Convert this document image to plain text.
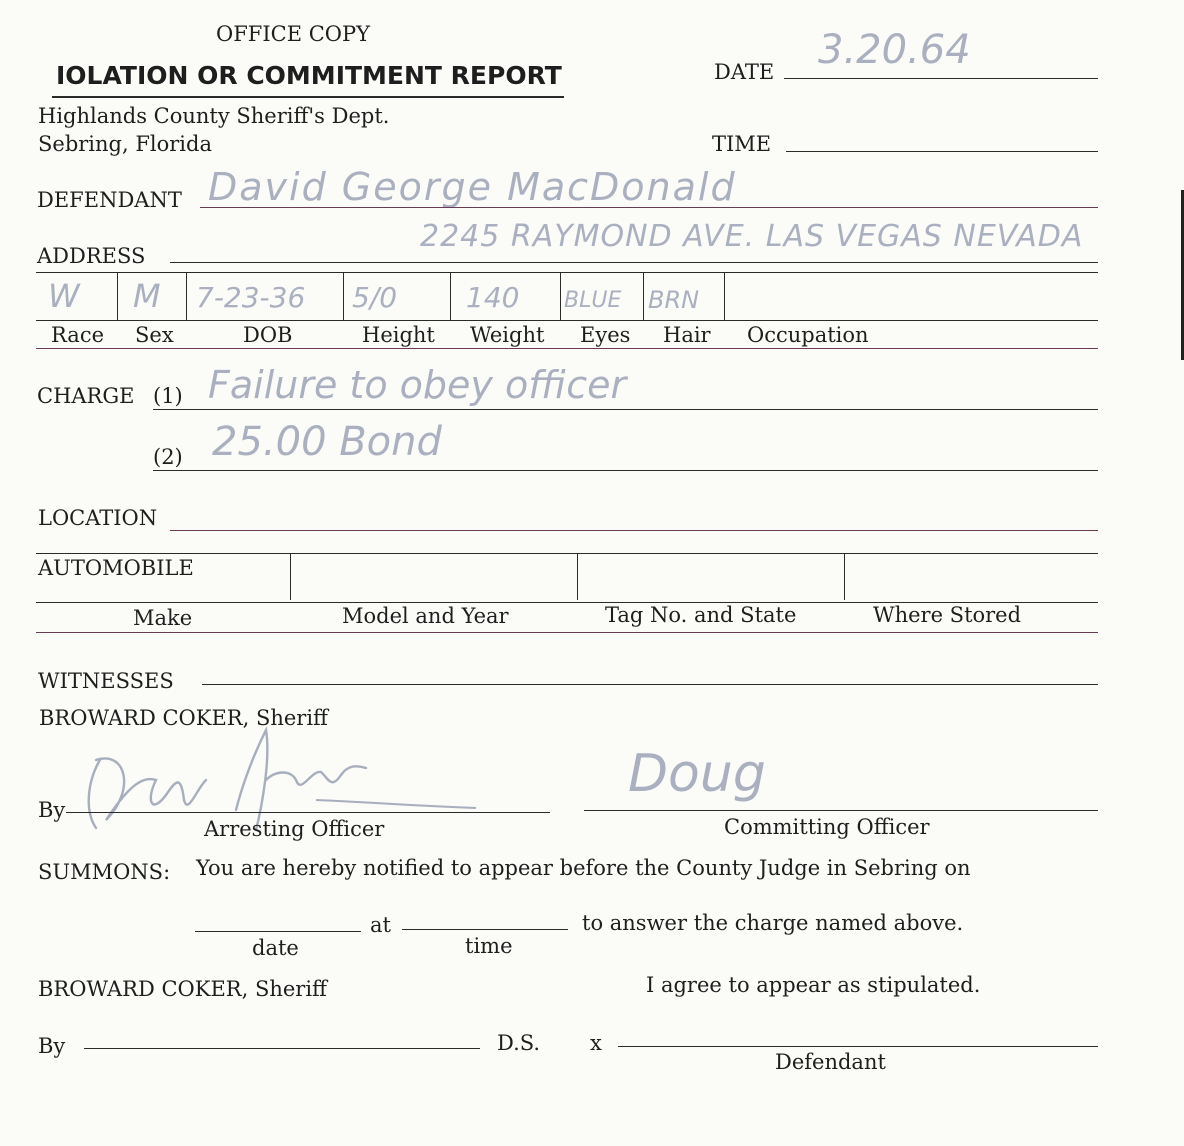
OFFICE COPY
IOLATION OR COMMITMENT REPORT
Highlands County Sheriff's Dept.
Sebring, Florida
DATE 3.20.64
TIME
DEFENDANT David George MacDonald
ADDRESS
2245 RAYMOND AVE. LAS VEGAS NEVADA
W M 7-23-36 5/0 140 BLUE BRN
Race Sex	DOB	Height Weight Eyes Hair Occupation
CHARGE (1) Failure to obey officer
(2) 25.00 Bond
LOCATION
AUTOMOBILE
Make	Model and Year	Tag No. and State	Where Stored
WITNESSES
BROWARD COKER, Sheriff
By
Arresting Officer
Doug
Committing Officer
SUMMONS: You are hereby notified to appear before the County Judge in Sebring on
at	to answer the charge named above.
date	time
BROWARD COKER, Sheriff	I agree to appear as stipulated.
By	D.S. x
Defendant
